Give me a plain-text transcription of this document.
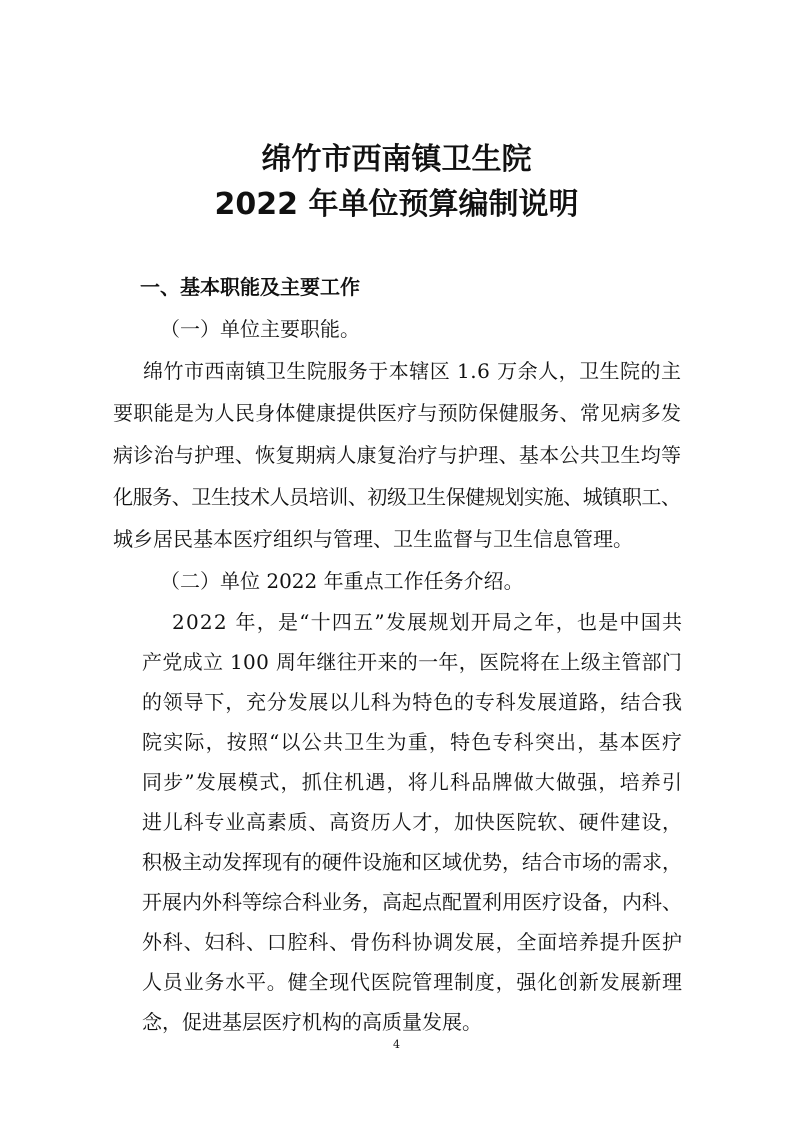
绵竹市西南镇卫生院
2022 年单位预算编制说明
一、基本职能及主要工作
（一）单位主要职能。
绵竹市西南镇卫生院服务于本辖区 1.6 万余人，卫生院的主
要职能是为人民身体健康提供医疗与预防保健服务、常见病多发
病诊治与护理、恢复期病人康复治疗与护理、基本公共卫生均等
化服务、卫生技术人员培训、初级卫生保健规划实施、城镇职工、
城乡居民基本医疗组织与管理、卫生监督与卫生信息管理。
（二）单位 2022 年重点工作任务介绍。
2022 年，是“十四五”发展规划开局之年，也是中国共
产党成立 100 周年继往开来的一年，医院将在上级主管部门
的领导下，充分发展以儿科为特色的专科发展道路，结合我
院实际，按照“以公共卫生为重，特色专科突出，基本医疗
同步”发展模式，抓住机遇，将儿科品牌做大做强，培养引
进儿科专业高素质、高资历人才，加快医院软、硬件建设，
积极主动发挥现有的硬件设施和区域优势，结合市场的需求，
开展内外科等综合科业务，高起点配置利用医疗设备，内科、
外科、妇科、口腔科、骨伤科协调发展，全面培养提升医护
人员业务水平。健全现代医院管理制度，强化创新发展新理
念，促进基层医疗机构的高质量发展。
4
